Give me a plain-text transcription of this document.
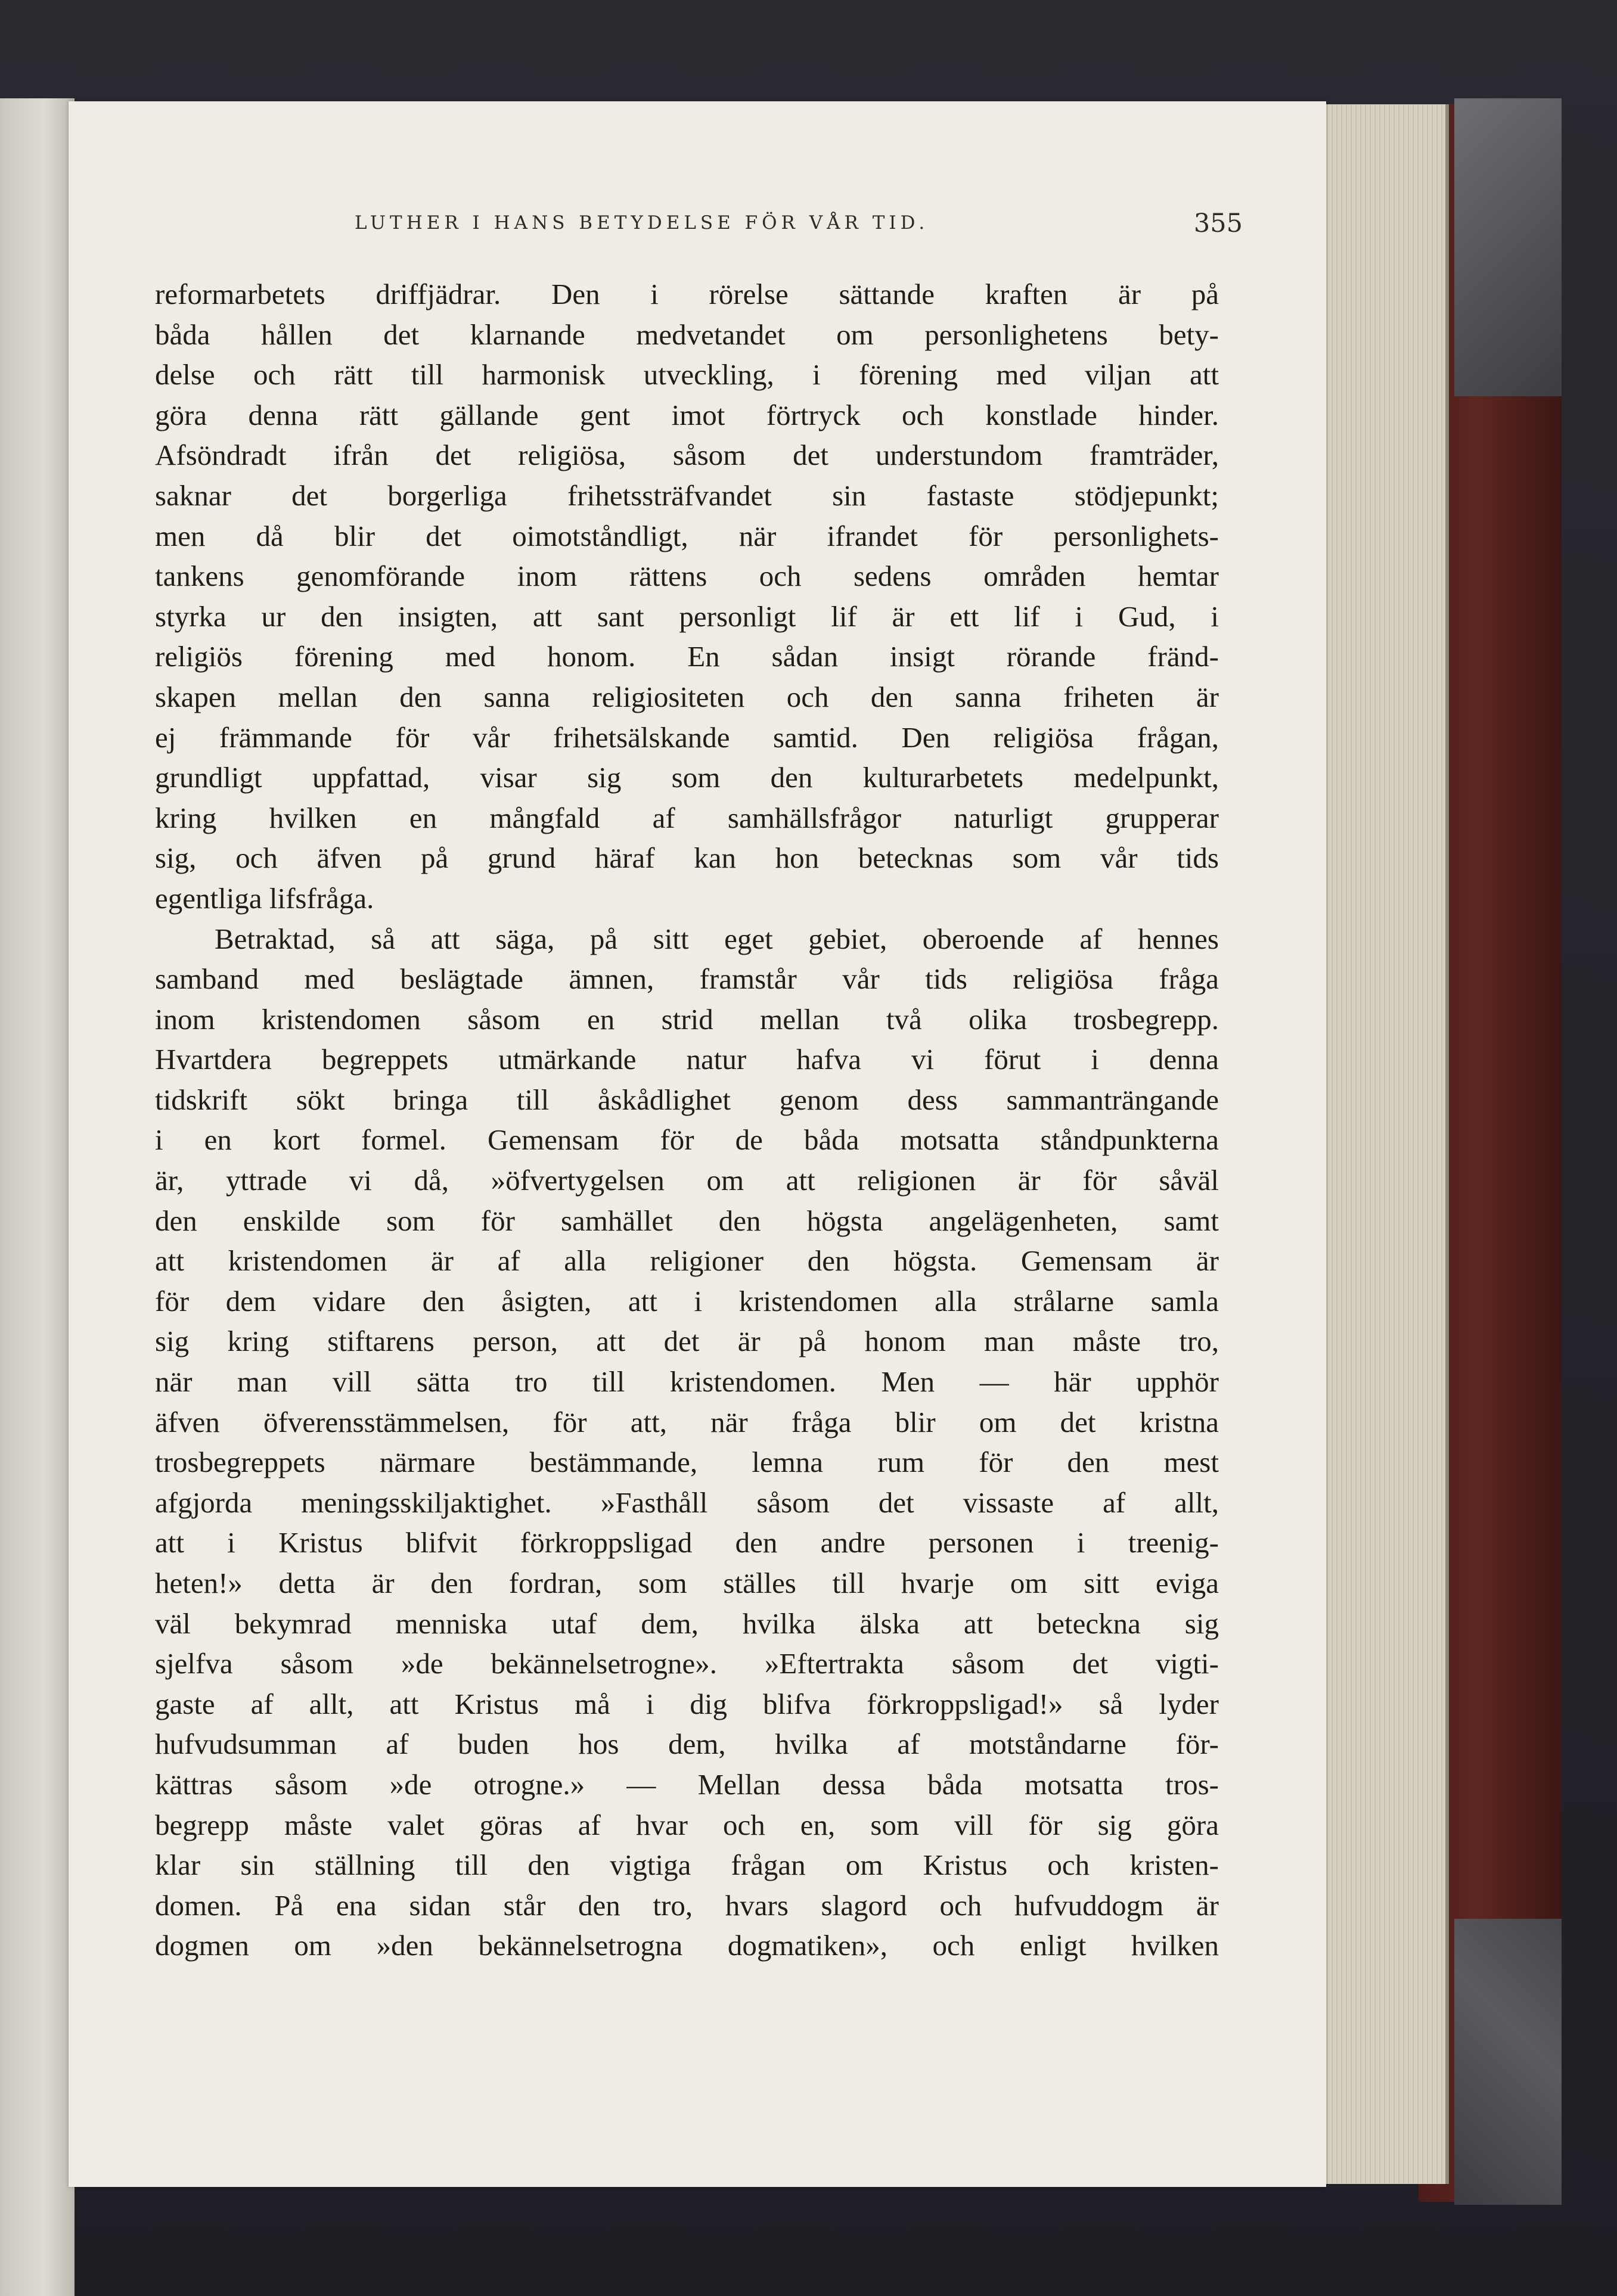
LUTHER I HANS BETYDELSE FÖR VÅR TID.	355
reformarbetets driffjädrar. Den i rörelse sättande kraften är på
båda hållen det klarnande medvetandet om personlighetens bety-
delse och rätt till harmonisk utveckling, i förening med viljan att
göra denna rätt gällande gent imot förtryck och konstlade hinder.
Afsöndradt ifrån det religiösa, såsom det understundom framträder,
saknar det borgerliga frihetssträfvandet sin fastaste stödjepunkt;
men då blir det oimotståndligt, när ifrandet för personlighets-
tankens genomförande inom rättens och sedens områden hemtar
styrka ur den insigten, att sant personligt lif är ett lif i Gud, i
religiös förening med honom. En sådan insigt rörande fränd-
skapen mellan den sanna religiositeten och den sanna friheten är
ej främmande för vår frihetsälskande samtid. Den religiösa frågan,
grundligt uppfattad, visar sig som den kulturarbetets medelpunkt,
kring hvilken en mångfald af samhällsfrågor naturligt grupperar
sig, och äfven på grund häraf kan hon betecknas som vår tids
egentliga lifsfråga.
Betraktad, så att säga, på sitt eget gebiet, oberoende af hennes
samband med beslägtade ämnen, framstår vår tids religiösa fråga
inom kristendomen såsom en strid mellan två olika trosbegrepp.
Hvartdera begreppets utmärkande natur hafva vi förut i denna
tidskrift sökt bringa till åskådlighet genom dess sammanträngande
i en kort formel. Gemensam för de båda motsatta ståndpunkterna
är, yttrade vi då, »öfvertygelsen om att religionen är för såväl
den enskilde som för samhället den högsta angelägenheten, samt
att kristendomen är af alla religioner den högsta. Gemensam är
för dem vidare den åsigten, att i kristendomen alla strålarne samla
sig kring stiftarens person, att det är på honom man måste tro,
när man vill sätta tro till kristendomen. Men — här upphör
äfven öfverensstämmelsen, för att, när fråga blir om det kristna
trosbegreppets närmare bestämmande, lemna rum för den mest
afgjorda meningsskiljaktighet. »Fasthåll såsom det vissaste af allt,
att i Kristus blifvit förkroppsligad den andre personen i treenig-
heten!» detta är den fordran, som ställes till hvarje om sitt eviga
väl bekymrad menniska utaf dem, hvilka älska att beteckna sig
sjelfva såsom »de bekännelsetrogne». »Eftertrakta såsom det vigti-
gaste af allt, att Kristus må i dig blifva förkroppsligad!» så lyder
hufvudsumman af buden hos dem, hvilka af motståndarne för-
kättras såsom »de otrogne.» — Mellan dessa båda motsatta tros-
begrepp måste valet göras af hvar och en, som vill för sig göra
klar sin ställning till den vigtiga frågan om Kristus och kristen-
domen. På ena sidan står den tro, hvars slagord och hufvuddogm är
dogmen om »den bekännelsetrogna dogmatiken», och enligt hvilken
